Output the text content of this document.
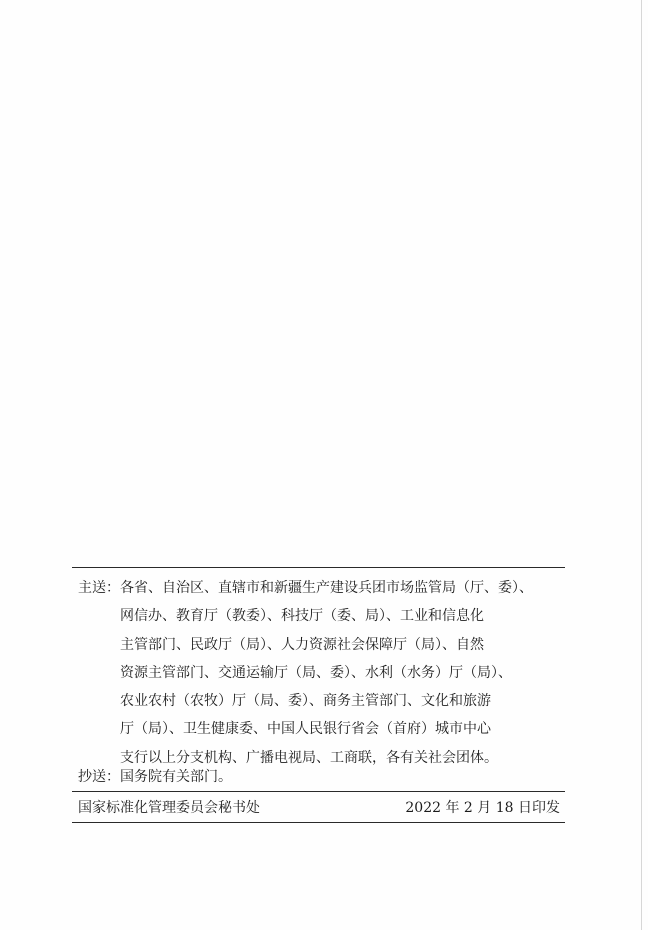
主送： 各省、自治区、直辖市和新疆生产建设兵团市场监管局（厅、委）、
网信办、教育厅（教委）、科技厅（委、局）、工业和信息化
主管部门、民政厅（局）、人力资源社会保障厅（局）、自然
资源主管部门、交通运输厅（局、委）、水利（水务）厅（局）、
农业农村（农牧）厅（局、委）、商务主管部门、文化和旅游
厅（局）、卫生健康委、中国人民银行省会（首府）城市中心
支行以上分支机构、广播电视局、工商联，各有关社会团体。
抄送： 国务院有关部门。
国家标准化管理委员会秘书处	2022 年 2 月 18 日印发
